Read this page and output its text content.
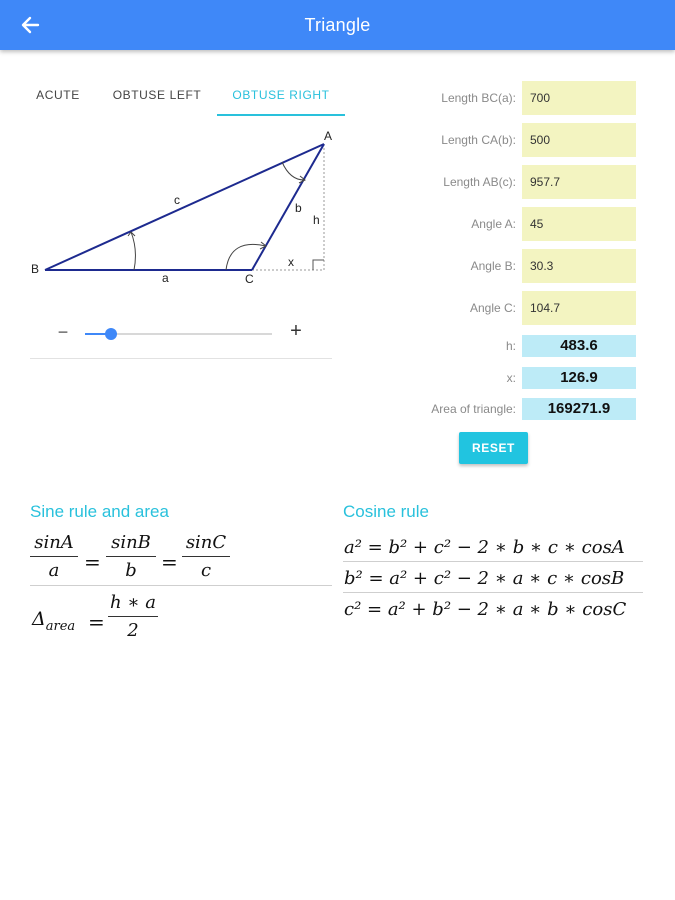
Triangle
ACUTE	OBTUSE LEFT	OBTUSE RIGHT
A
B
C
a
b
c
h
x
−	+
Length BC(a):
700
Length CA(b):
500
Length AB(c):
957.7
Angle A:
45
Angle B:
30.3
Angle C:
104.7
h:	483.6
x:	126.9
Area of triangle:	169271.9
RESET
Sine rule and area
sinA
a	=
sinB
b	=
sinC
c
$\Delta_{area}$ =
h ∗ a
2
Cosine rule
a² = b² + c² − 2 ∗ b ∗ c ∗ cosA
b² = a² + c² − 2 ∗ a ∗ c ∗ cosB
c² = a² + b² − 2 ∗ a ∗ b ∗ cosC
